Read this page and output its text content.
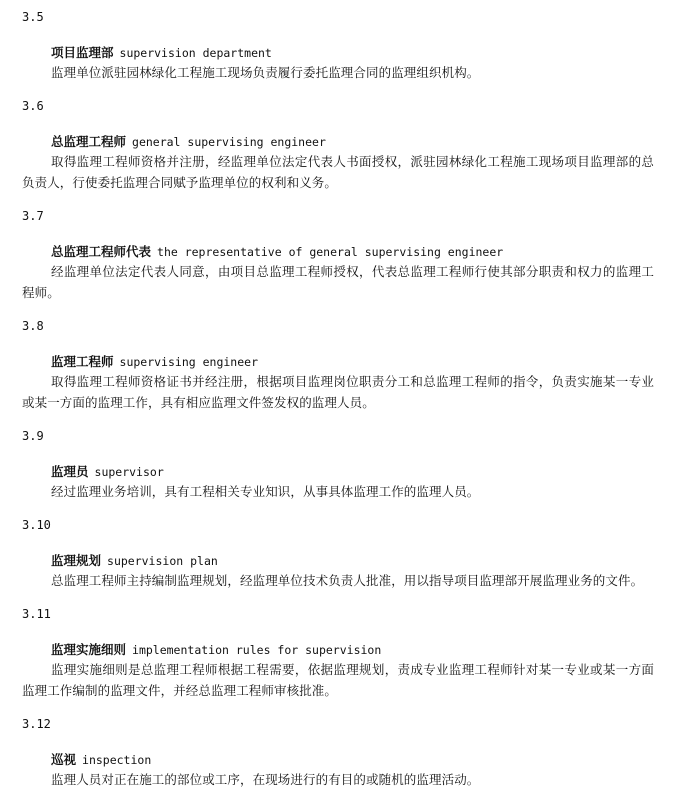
3.5
项目监理部 supervision department
监理单位派驻园林绿化工程施工现场负责履行委托监理合同的监理组织机构。
3.6
总监理工程师 general supervising engineer
取得监理工程师资格并注册，经监理单位法定代表人书面授权，派驻园林绿化工程施工现场项目监理部的总负责人，行使委托监理合同赋予监理单位的权利和义务。
3.7
总监理工程师代表 the representative of general supervising engineer
经监理单位法定代表人同意，由项目总监理工程师授权，代表总监理工程师行使其部分职责和权力的监理工程师。
3.8
监理工程师 supervising engineer
取得监理工程师资格证书并经注册，根据项目监理岗位职责分工和总监理工程师的指令，负责实施某一专业或某一方面的监理工作，具有相应监理文件签发权的监理人员。
3.9
监理员 supervisor
经过监理业务培训，具有工程相关专业知识，从事具体监理工作的监理人员。
3.10
监理规划 supervision plan
总监理工程师主持编制监理规划，经监理单位技术负责人批准，用以指导项目监理部开展监理业务的文件。
3.11
监理实施细则 implementation rules for supervision
监理实施细则是总监理工程师根据工程需要，依据监理规划，责成专业监理工程师针对某一专业或某一方面监理工作编制的监理文件，并经总监理工程师审核批准。
3.12
巡视 inspection
监理人员对正在施工的部位或工序，在现场进行的有目的或随机的监理活动。
